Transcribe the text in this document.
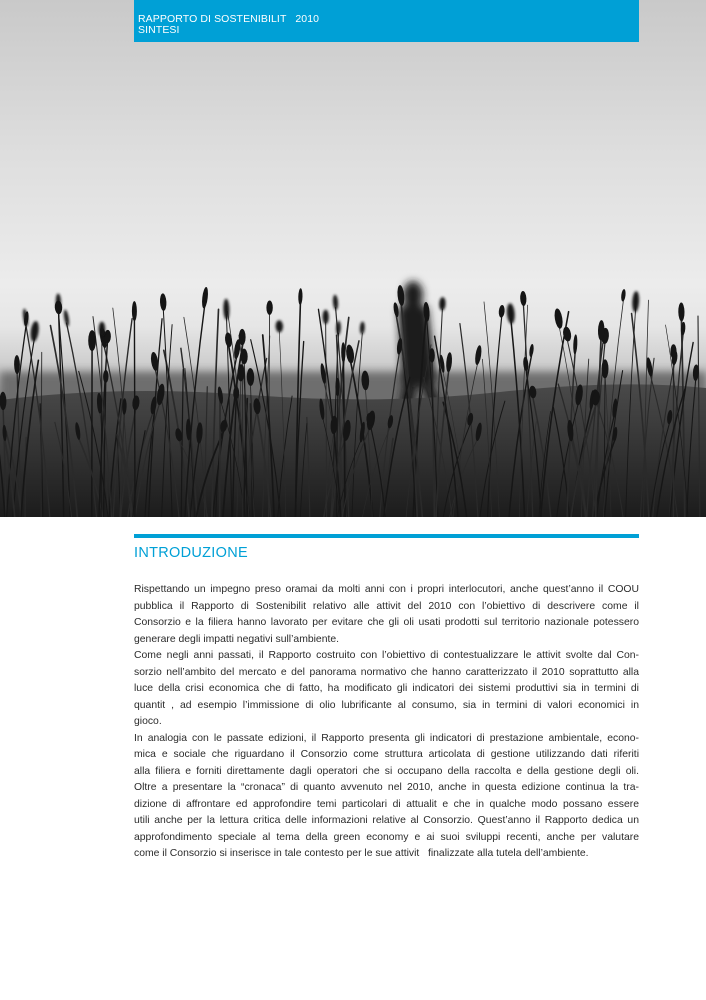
RAPPORTO DI SOSTENIBILIT   2010
SINTESI
INTRODUZIONE
Rispettando un impegno preso oramai da molti anni con i propri interlocutori, anche quest’anno il COOU
pubblica il Rapporto di Sostenibilit relativo alle attivit del 2010 con l’obiettivo di descrivere come il
Consorzio e la filiera hanno lavorato per evitare che gli oli usati prodotti sul territorio nazionale potessero
generare degli impatti negativi sull’ambiente.
Come negli anni passati, il Rapporto costruito con l’obiettivo di contestualizzare le attivit svolte dal Con-
sorzio nell’ambito del mercato e del panorama normativo che hanno caratterizzato il 2010 soprattutto alla
luce della crisi economica che di fatto, ha modificato gli indicatori dei sistemi produttivi sia in termini di
quantit , ad esempio l’immissione di olio lubrificante al consumo, sia in termini di valori economici in
gioco.
In analogia con le passate edizioni, il Rapporto presenta gli indicatori di prestazione ambientale, econo-
mica e sociale che riguardano il Consorzio come struttura articolata di gestione utilizzando dati riferiti
alla filiera e forniti direttamente dagli operatori che si occupano della raccolta e della gestione degli oli.
Oltre a presentare la “cronaca” di quanto avvenuto nel 2010, anche in questa edizione continua la tra-
dizione di affrontare ed approfondire temi particolari di attualit e che in qualche modo possano essere
utili anche per la lettura critica delle informazioni relative al Consorzio. Quest’anno il Rapporto dedica un
approfondimento speciale al tema della green economy e ai suoi sviluppi recenti, anche per valutare
come il Consorzio si inserisce in tale contesto per le sue attivit   finalizzate alla tutela dell’ambiente.
